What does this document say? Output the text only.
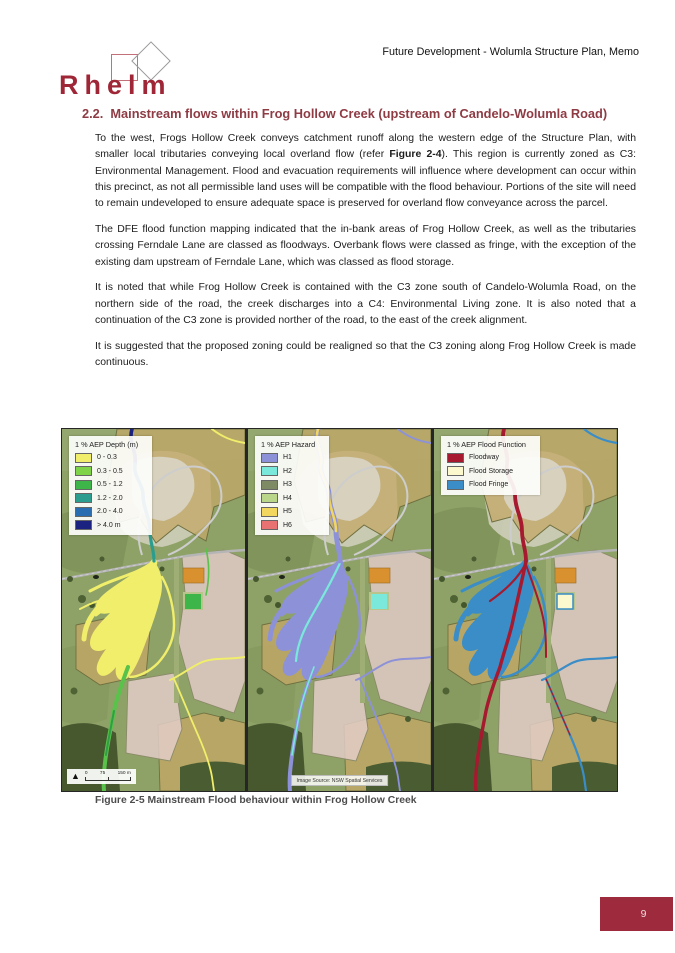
Future Development - Wolumla Structure Plan, Memo
Rhelm
2.2. Mainstream flows within Frog Hollow Creek (upstream of Candelo-Wolumla Road)

To the west, Frogs Hollow Creek conveys catchment runoff along the western edge of the Structure Plan, with smaller local tributaries conveying local overland flow (refer Figure 2-4). This region is currently zoned as C3: Environmental Management. Flood and evacuation requirements will influence where development can occur within this precinct, as not all permissible land uses will be compatible with the flood behaviour. Portions of the site will need to remain undeveloped to ensure adequate space is preserved for overland flow conveyance across the parcel.

The DFE flood function mapping indicated that the in-bank areas of Frog Hollow Creek, as well as the tributaries crossing Ferndale Lane are classed as floodways. Overbank flows were classed as fringe, with the exception of the existing dam upstream of Ferndale Lane, which was classed as flood storage.

It is noted that while Frog Hollow Creek is contained with the C3 zone south of Candelo-Wolumla Road, on the northern side of the road, the creek discharges into a C4: Environmental Living zone. It is also noted that a continuation of the C3 zone is provided norther of the road, to the east of the creek alignment.

It is suggested that the proposed zoning could be realigned so that the C3 zoning along Frog Hollow Creek is made continuous.

1 % AEP Depth (m)
0 - 0.3
0.3 - 0.5
0.5 - 1.2
1.2 - 2.0
2.0 - 4.0
> 4.0 m
▲ 0	75	150 m
1 % AEP Hazard
H1
H2
H3
H4
H5
H6
Image Source: NSW Spatial Services
1 % AEP Flood Function
Floodway
Flood Storage
Flood Fringe
Figure 2-5 Mainstream Flood behaviour within Frog Hollow Creek
9
